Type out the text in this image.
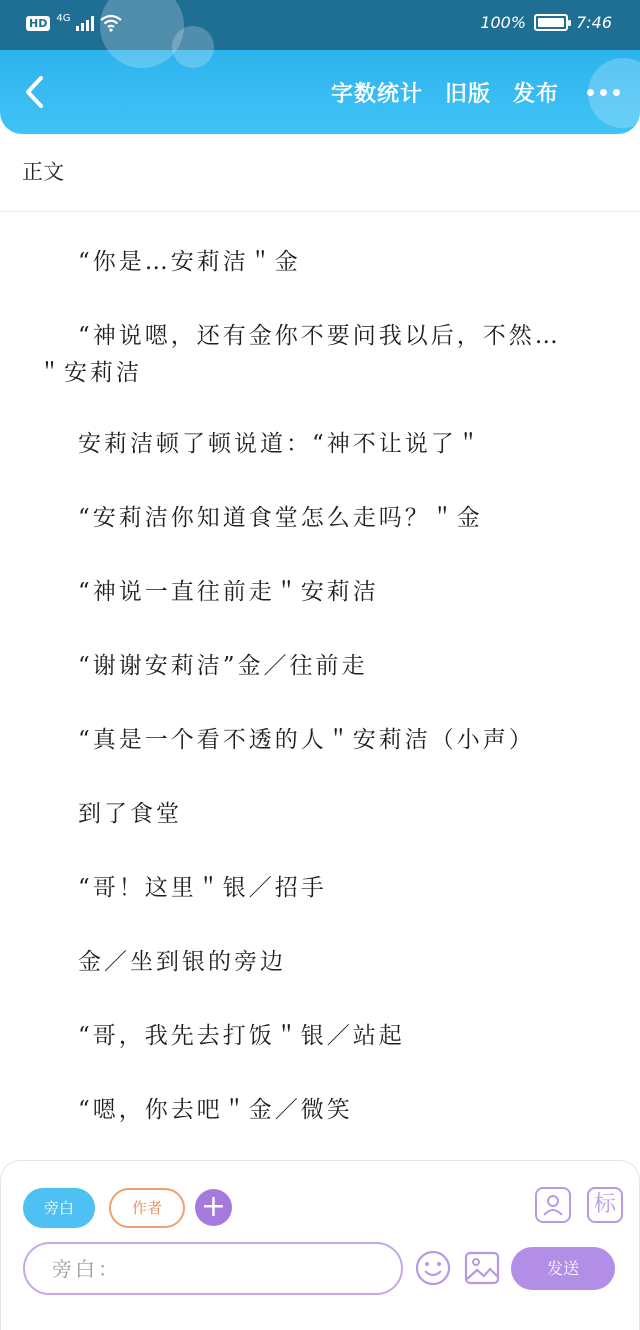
HD 4G	100%	7:46
字数统计 旧版 发布
正文

“你是…安莉洁＂金

“神说嗯，还有金你不要问我以后，不然…＂安莉洁

安莉洁顿了顿说道：“神不让说了＂

“安莉洁你知道食堂怎么走吗？＂金

“神说一直往前走＂安莉洁

“谢谢安莉洁”金／往前走

“真是一个看不透的人＂安莉洁（小声）

到了食堂

“哥！这里＂银／招手

金／坐到银的旁边

“哥，我先去打饭＂银／站起

“嗯，你去吧＂金／微笑

旁白	作者	+	标
旁白：
发送
